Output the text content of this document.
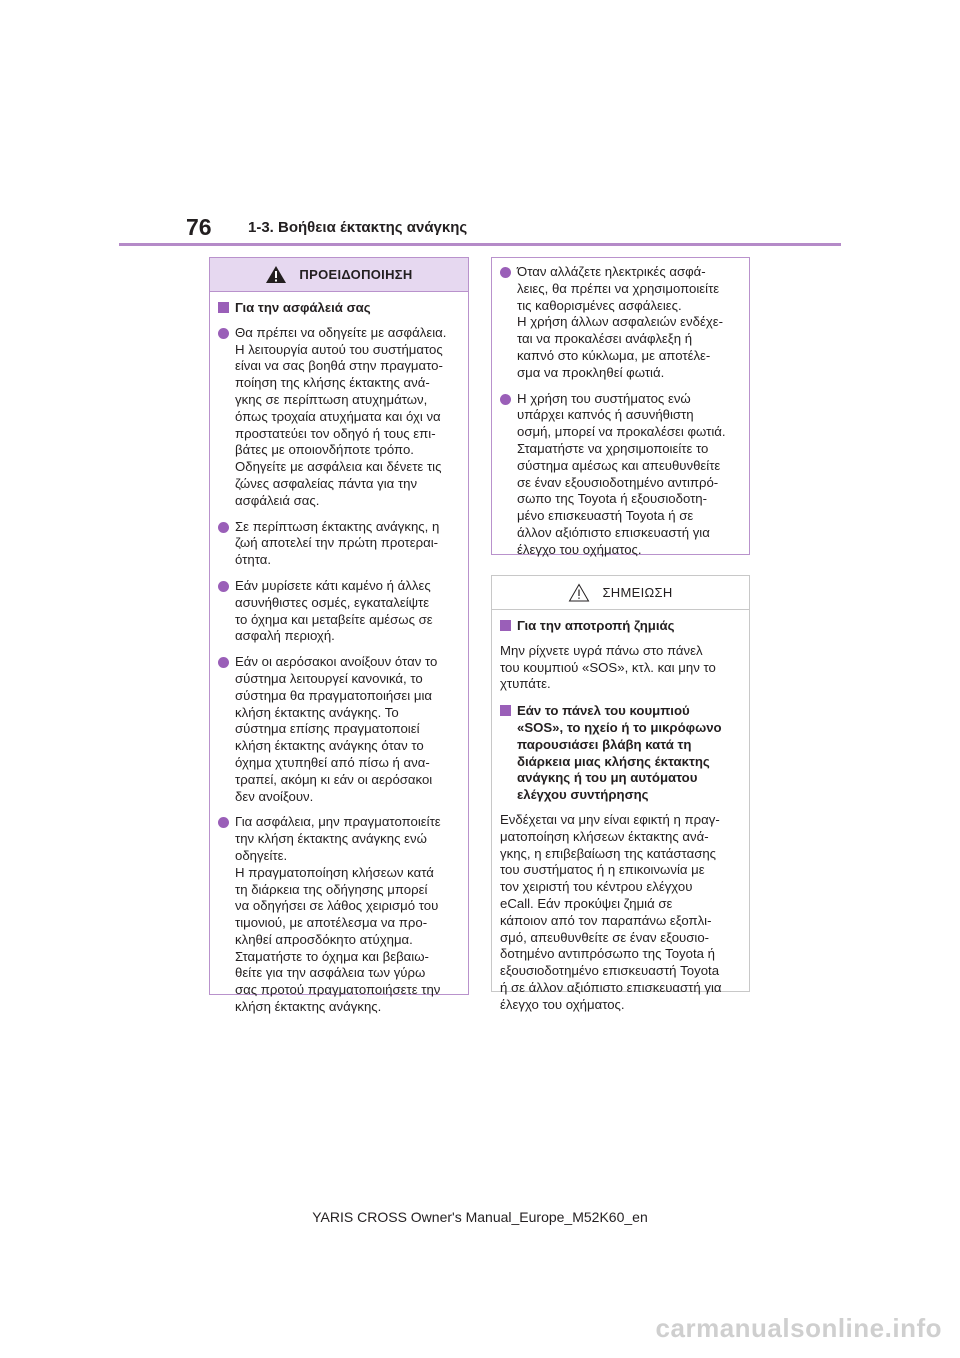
76 1-3. Βοήθεια έκτακτης ανάγκης
ΠΡΟΕΙΔΟΠΟΙΗΣΗ
Για την ασφάλειά σας
Θα πρέπει να οδηγείτε με ασφάλεια.
Η λειτουργία αυτού του συστήματος
είναι να σας βοηθά στην πραγματο-
ποίηση της κλήσης έκτακτης ανά-
γκης σε περίπτωση ατυχημάτων,
όπως τροχαία ατυχήματα και όχι να
προστατεύει τον οδηγό ή τους επι-
βάτες με οποιονδήποτε τρόπο.
Οδηγείτε με ασφάλεια και δένετε τις
ζώνες ασφαλείας πάντα για την
ασφάλειά σας.
Σε περίπτωση έκτακτης ανάγκης, η
ζωή αποτελεί την πρώτη προτεραι-
ότητα.
Εάν μυρίσετε κάτι καμένο ή άλλες
ασυνήθιστες οσμές, εγκαταλείψτε
το όχημα και μεταβείτε αμέσως σε
ασφαλή περιοχή.
Εάν οι αερόσακοι ανοίξουν όταν το
σύστημα λειτουργεί κανονικά, το
σύστημα θα πραγματοποιήσει μια
κλήση έκτακτης ανάγκης. Το
σύστημα επίσης πραγματοποιεί
κλήση έκτακτης ανάγκης όταν το
όχημα χτυπηθεί από πίσω ή ανα-
τραπεί, ακόμη κι εάν οι αερόσακοι
δεν ανοίξουν.
Για ασφάλεια, μην πραγματοποιείτε
την κλήση έκτακτης ανάγκης ενώ
οδηγείτε.
Η πραγματοποίηση κλήσεων κατά
τη διάρκεια της οδήγησης μπορεί
να οδηγήσει σε λάθος χειρισμό του
τιμονιού, με αποτέλεσμα να προ-
κληθεί απροσδόκητο ατύχημα.
Σταματήστε το όχημα και βεβαιω-
θείτε για την ασφάλεια των γύρω
σας προτού πραγματοποιήσετε την
κλήση έκτακτης ανάγκης.
Όταν αλλάζετε ηλεκτρικές ασφά-
λειες, θα πρέπει να χρησιμοποιείτε
τις καθορισμένες ασφάλειες.
Η χρήση άλλων ασφαλειών ενδέχε-
ται να προκαλέσει ανάφλεξη ή
καπνό στο κύκλωμα, με αποτέλε-
σμα να προκληθεί φωτιά.
Η χρήση του συστήματος ενώ
υπάρχει καπνός ή ασυνήθιστη
οσμή, μπορεί να προκαλέσει φωτιά.
Σταματήστε να χρησιμοποιείτε το
σύστημα αμέσως και απευθυνθείτε
σε έναν εξουσιοδοτημένο αντιπρό-
σωπο της Toyota ή εξουσιοδοτη-
μένο επισκευαστή Toyota ή σε
άλλον αξιόπιστο επισκευαστή για
έλεγχο του οχήματος.
ΣΗΜΕΙΩΣΗ
Για την αποτροπή ζημιάς
Μην ρίχνετε υγρά πάνω στο πάνελ
του κουμπιού «SOS», κτλ. και μην το
χτυπάτε.
Εάν το πάνελ του κουμπιού
«SOS», το ηχείο ή το μικρόφωνο
παρουσιάσει βλάβη κατά τη
διάρκεια μιας κλήσης έκτακτης
ανάγκης ή του μη αυτόματου
ελέγχου συντήρησης
Ενδέχεται να μην είναι εφικτή η πραγ-
ματοποίηση κλήσεων έκτακτης ανά-
γκης, η επιβεβαίωση της κατάστασης
του συστήματος ή η επικοινωνία με
τον χειριστή του κέντρου ελέγχου
eCall. Εάν προκύψει ζημιά σε
κάποιον από τον παραπάνω εξοπλι-
σμό, απευθυνθείτε σε έναν εξουσιο-
δοτημένο αντιπρόσωπο της Toyota ή
εξουσιοδοτημένο επισκευαστή Toyota
ή σε άλλον αξιόπιστο επισκευαστή για
έλεγχο του οχήματος.
YARIS CROSS Owner's Manual_Europe_M52K60_en
carmanualsonline.info
